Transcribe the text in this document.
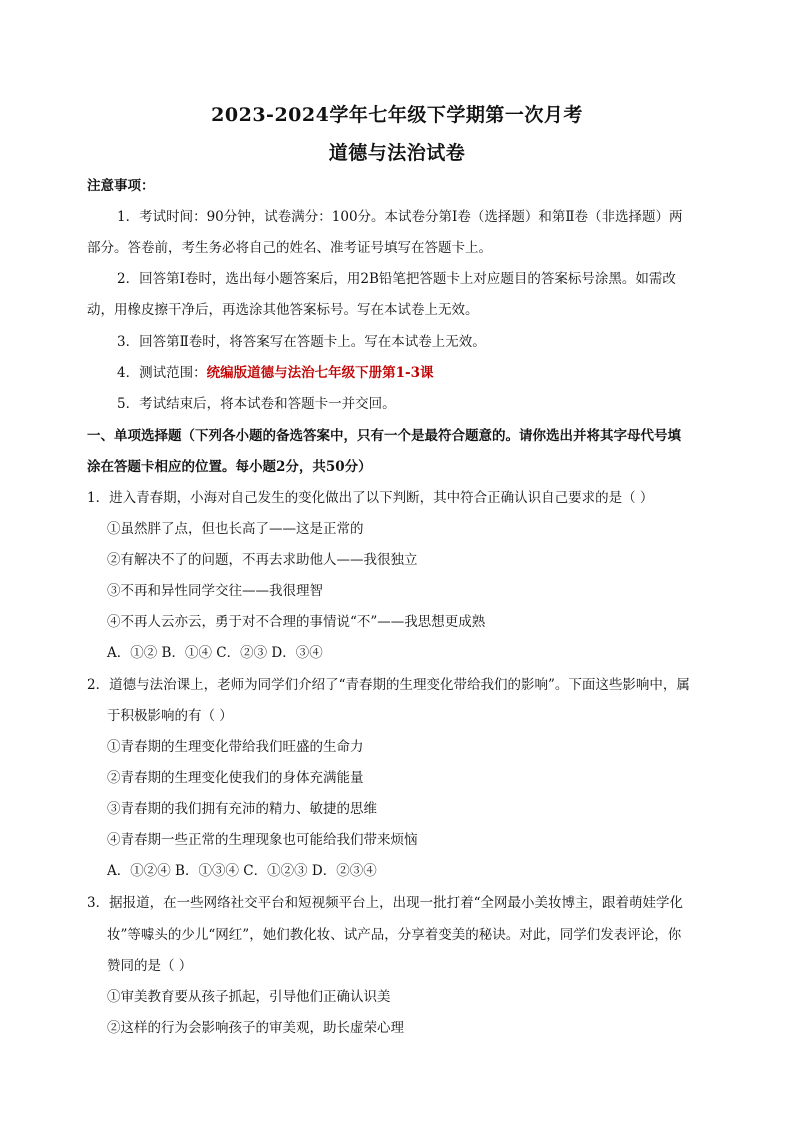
2023-2024学年七年级下学期第一次月考
道德与法治试卷
注意事项：
1．考试时间：90分钟，试卷满分：100分。本试卷分第Ⅰ卷（选择题）和第Ⅱ卷（非选择题）两
部分。答卷前，考生务必将自己的姓名、准考证号填写在答题卡上。
2．回答第Ⅰ卷时，选出每小题答案后，用2B铅笔把答题卡上对应题目的答案标号涂黑。如需改
动，用橡皮擦干净后，再选涂其他答案标号。写在本试卷上无效。
3．回答第Ⅱ卷时，将答案写在答题卡上。写在本试卷上无效。
4．测试范围：统编版道德与法治七年级下册第1-3课
5．考试结束后，将本试卷和答题卡一并交回。
一、单项选择题（下列各小题的备选答案中，只有一个是最符合题意的。请你选出并将其字母代号填
涂在答题卡相应的位置。每小题2分，共50分）
1．进入青春期，小海对自己发生的变化做出了以下判断，其中符合正确认识自己要求的是（ ）
①虽然胖了点，但也长高了——这是正常的
②有解决不了的问题，不再去求助他人——我很独立
③不再和异性同学交往——我很理智
④不再人云亦云，勇于对不合理的事情说“不”——我思想更成熟
A．①② B．①④ C．②③ D．③④
2．道德与法治课上，老师为同学们介绍了“青春期的生理变化带给我们的影响”。下面这些影响中，属
于积极影响的有（ ）
①青春期的生理变化带给我们旺盛的生命力
②青春期的生理变化使我们的身体充满能量
③青春期的我们拥有充沛的精力、敏捷的思维
④青春期一些正常的生理现象也可能给我们带来烦恼
A．①②④ B．①③④ C．①②③ D．②③④
3．据报道，在一些网络社交平台和短视频平台上，出现一批打着“全网最小美妆博主，跟着萌娃学化
妆”等噱头的少儿“网红”，她们教化妆、试产品，分享着变美的秘诀。对此，同学们发表评论，你
赞同的是（ ）
①审美教育要从孩子抓起，引导他们正确认识美
②这样的行为会影响孩子的审美观，助长虚荣心理
